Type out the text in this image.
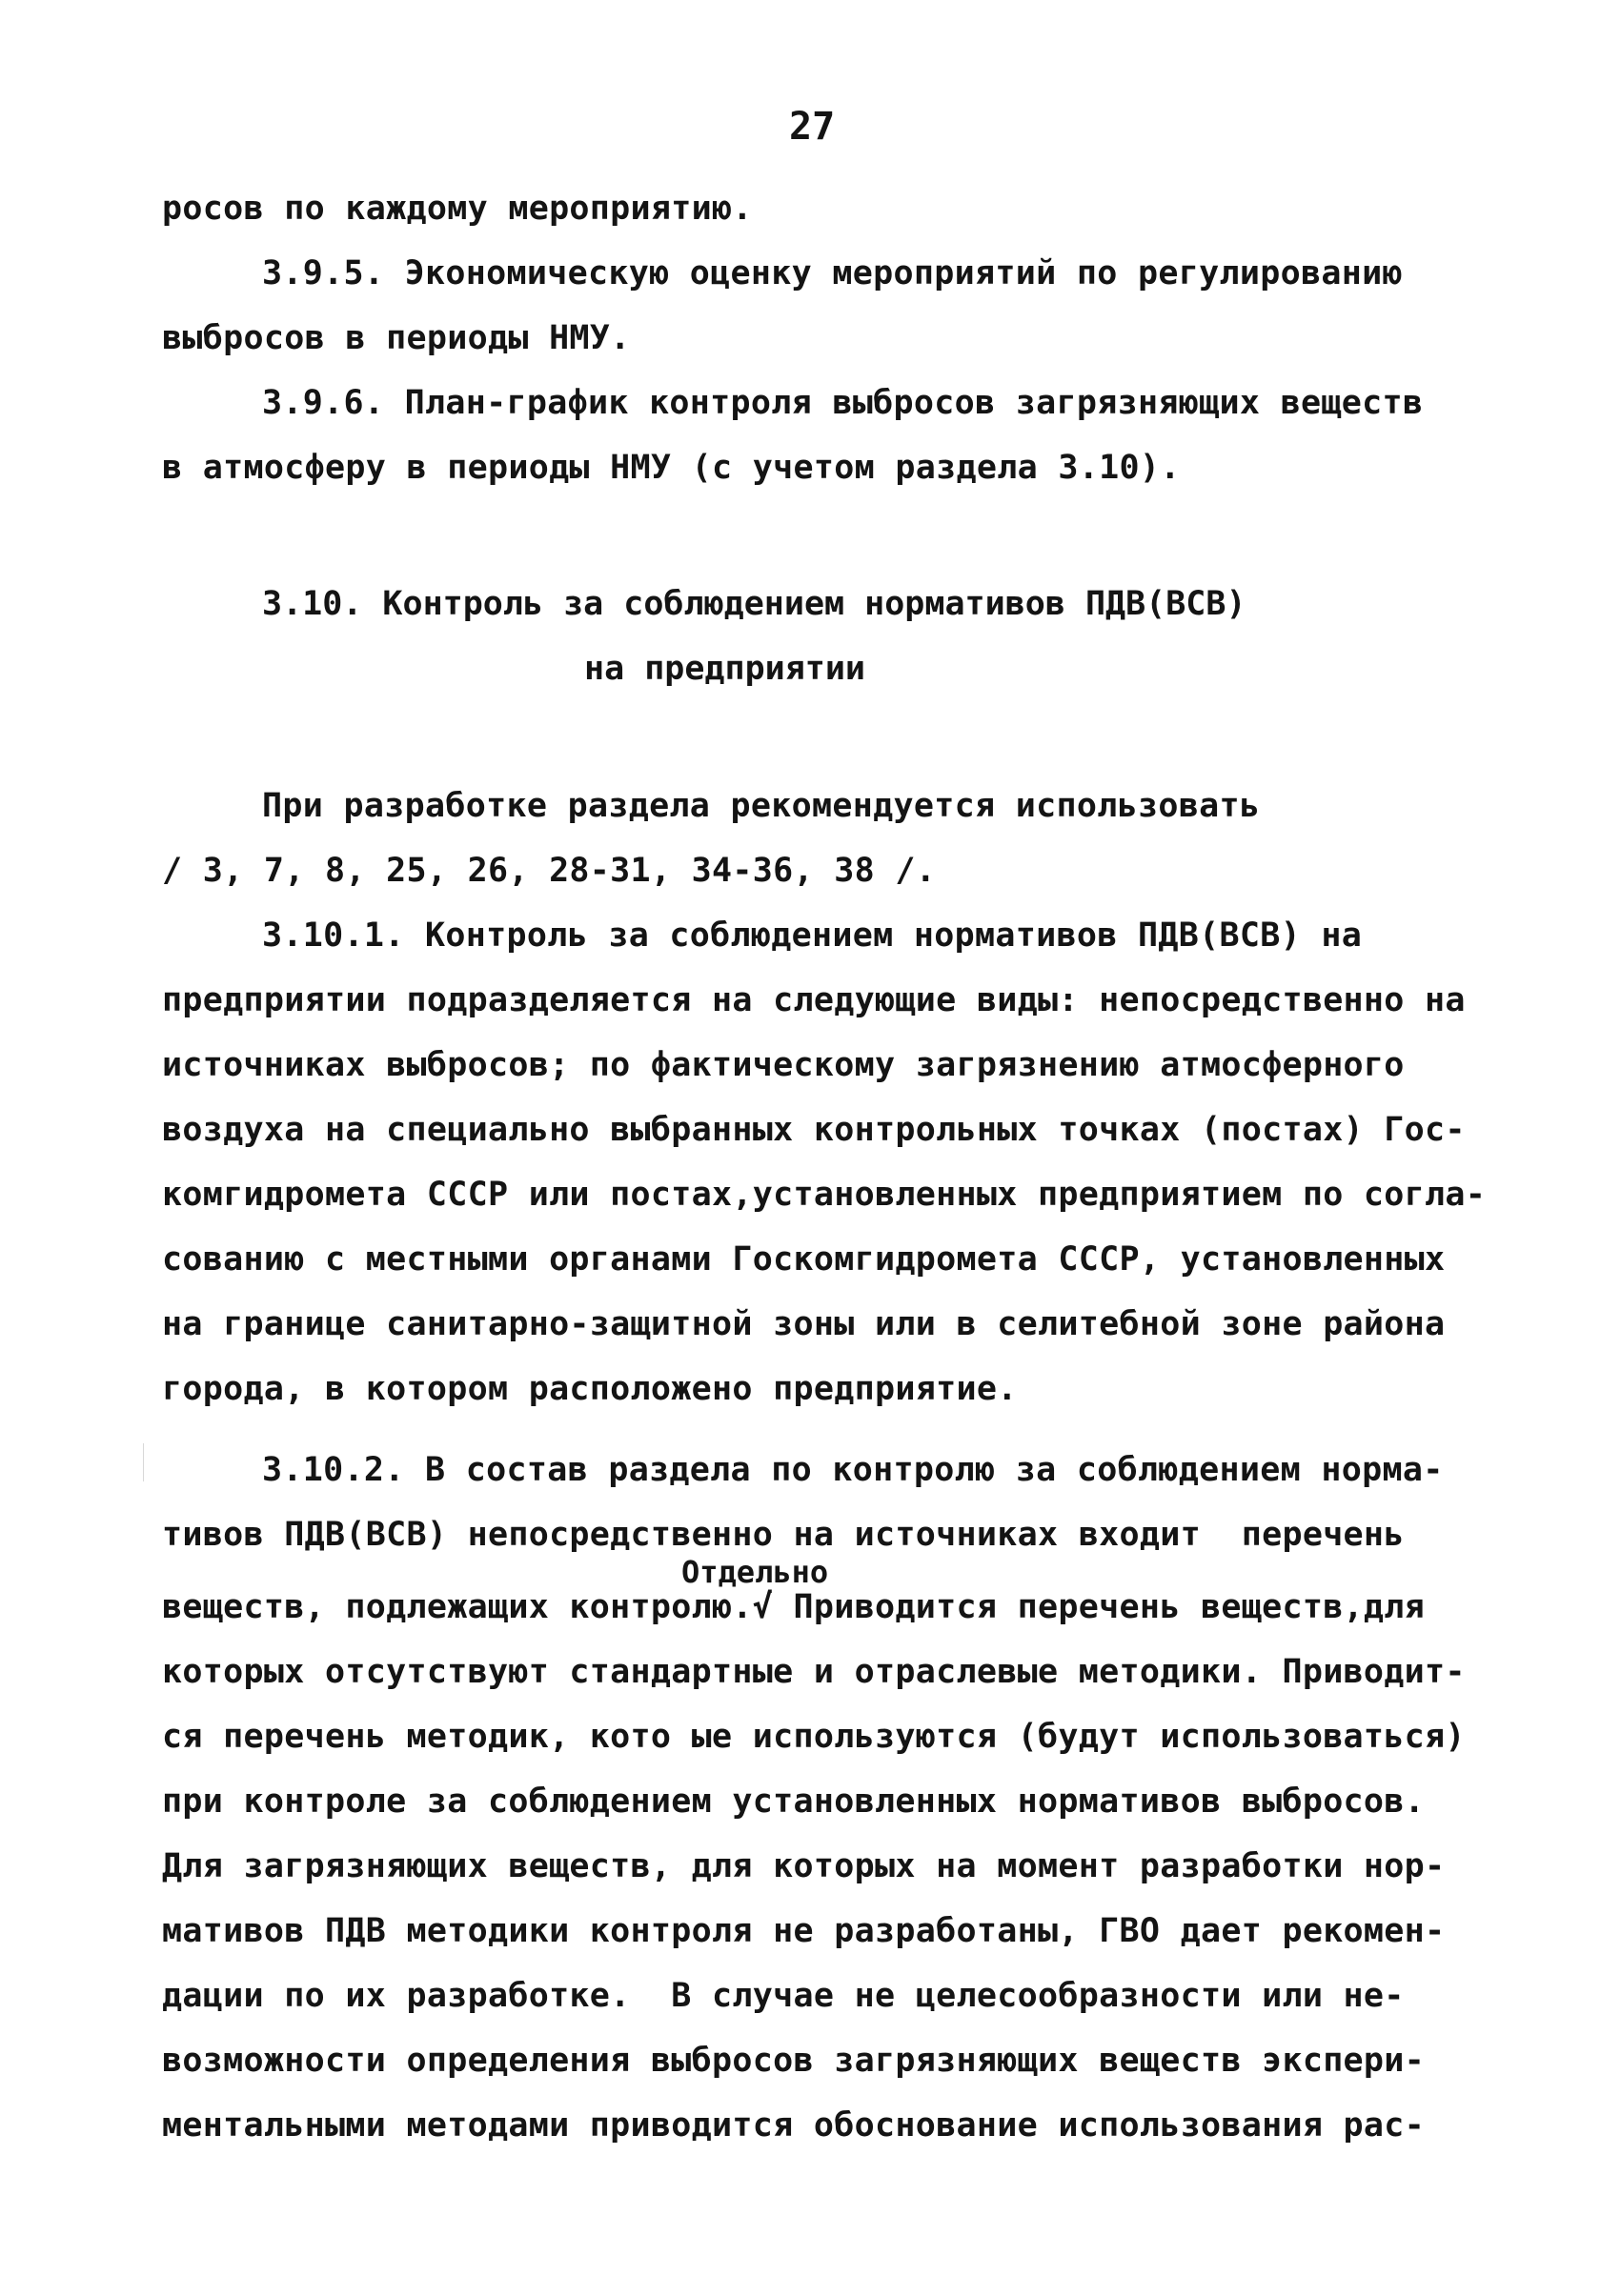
27
росов по каждому мероприятию.
3.9.5. Экономическую оценку мероприятий по регулированию
выбросов в периоды НМУ.
3.9.6. План-график контроля выбросов загрязняющих веществ
в атмосферу в периоды НМУ (с учетом раздела 3.10).
3.10. Контроль за соблюдением нормативов ПДВ(ВСВ)
на предприятии
При разработке раздела рекомендуется использовать
/ 3, 7, 8, 25, 26, 28-31, 34-36, 38 /.
3.10.1. Контроль за соблюдением нормативов ПДВ(ВСВ) на
предприятии подразделяется на следующие виды: непосредственно на
источниках выбросов; по фактическому загрязнению атмосферного
воздуха на специально выбранных контрольных точках (постах) Гос-
комгидромета СССР или постах,установленных предприятием по согла-
сованию с местными органами Госкомгидромета СССР, установленных
на границе санитарно-защитной зоны или в селитебной зоне района
города, в котором расположено предприятие.
Отдельно
3.10.2. В состав раздела по контролю за соблюдением норма-
тивов ПДВ(ВСВ) непосредственно на источниках входит  перечень
веществ, подлежащих контролю.√ Приводится перечень веществ,для
которых отсутствуют стандартные и отраслевые методики. Приводит-
ся перечень методик, кото ые используются (будут использоваться)
при контроле за соблюдением установленных нормативов выбросов.
Для загрязняющих веществ, для которых на момент разработки нор-
мативов ПДВ методики контроля не разработаны, ГВО дает рекомен-
дации по их разработке.  В случае не целесообразности или не-
возможности определения выбросов загрязняющих веществ экспери-
ментальными методами приводится обоснование использования рас-
